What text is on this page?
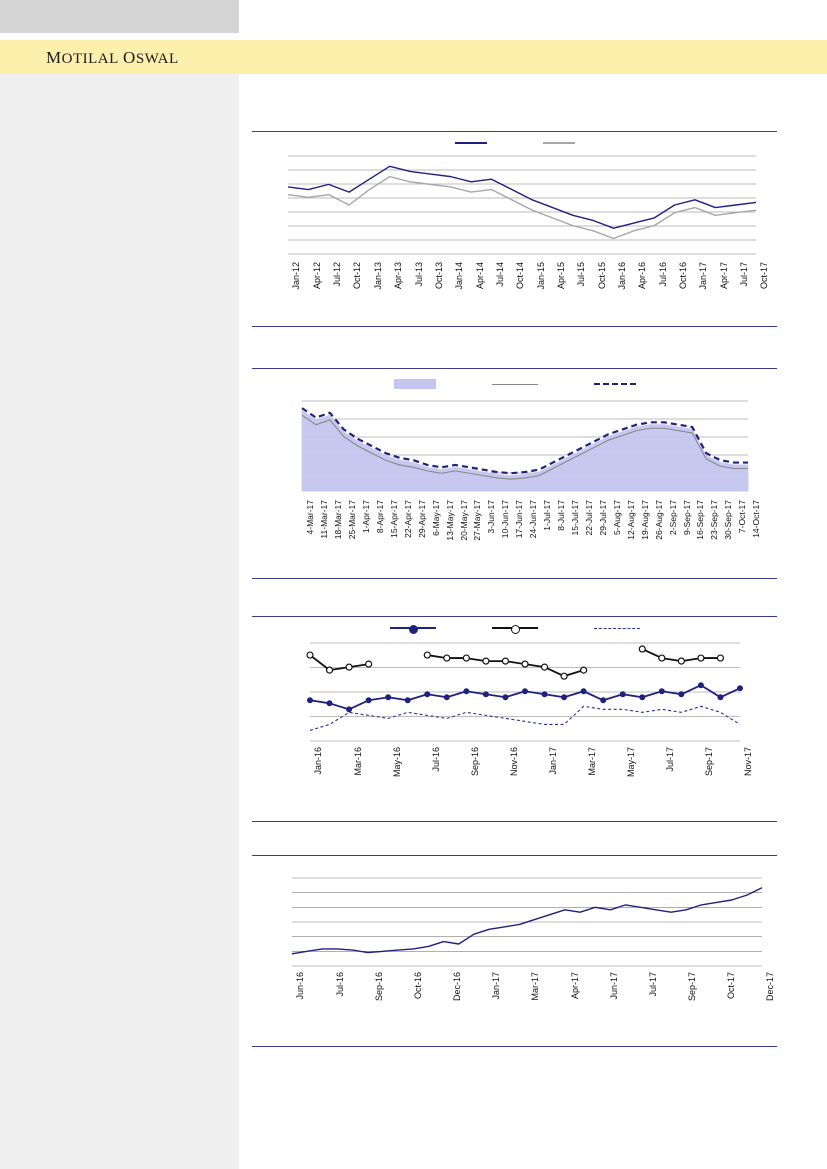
MOTILAL OSWAL
Jan-12 Apr-12 Jul-12 Oct-12 Jan-13 Apr-13 Jul-13 Oct-13 Jan-14 Apr-14 Jul-14 Oct-14 Jan-15 Apr-15 Jul-15 Oct-15 Jan-16 Apr-16 Jul-16 Oct-16 Jan-17 Apr-17 Jul-17 Oct-17
4-Mar-17 11-Mar-17 18-Mar-17 25-Mar-17 1-Apr-17 8-Apr-17 15-Apr-17 22-Apr-17 29-Apr-17 6-May-17 13-May-17 20-May-17 27-May-17 3-Jun-17 10-Jun-17 17-Jun-17 24-Jun-17 1-Jul-17 8-Jul-17 15-Jul-17 22-Jul-17 29-Jul-17 5-Aug-17 12-Aug-17 19-Aug-17 26-Aug-17 2-Sep-17 9-Sep-17 16-Sep-17 23-Sep-17 30-Sep-17 7-Oct-17 14-Oct-17
Jan-16	Mar-16	May-16	Jul-16	Sep-16	Nov-16	Jan-17	Mar-17	May-17	Jul-17	Sep-17	Nov-17
Jun-16	Jul-16	Sep-16	Oct-16	Dec-16	Jan-17	Mar-17	Apr-17	Jun-17	Jul-17	Sep-17	Oct-17	Dec-17
